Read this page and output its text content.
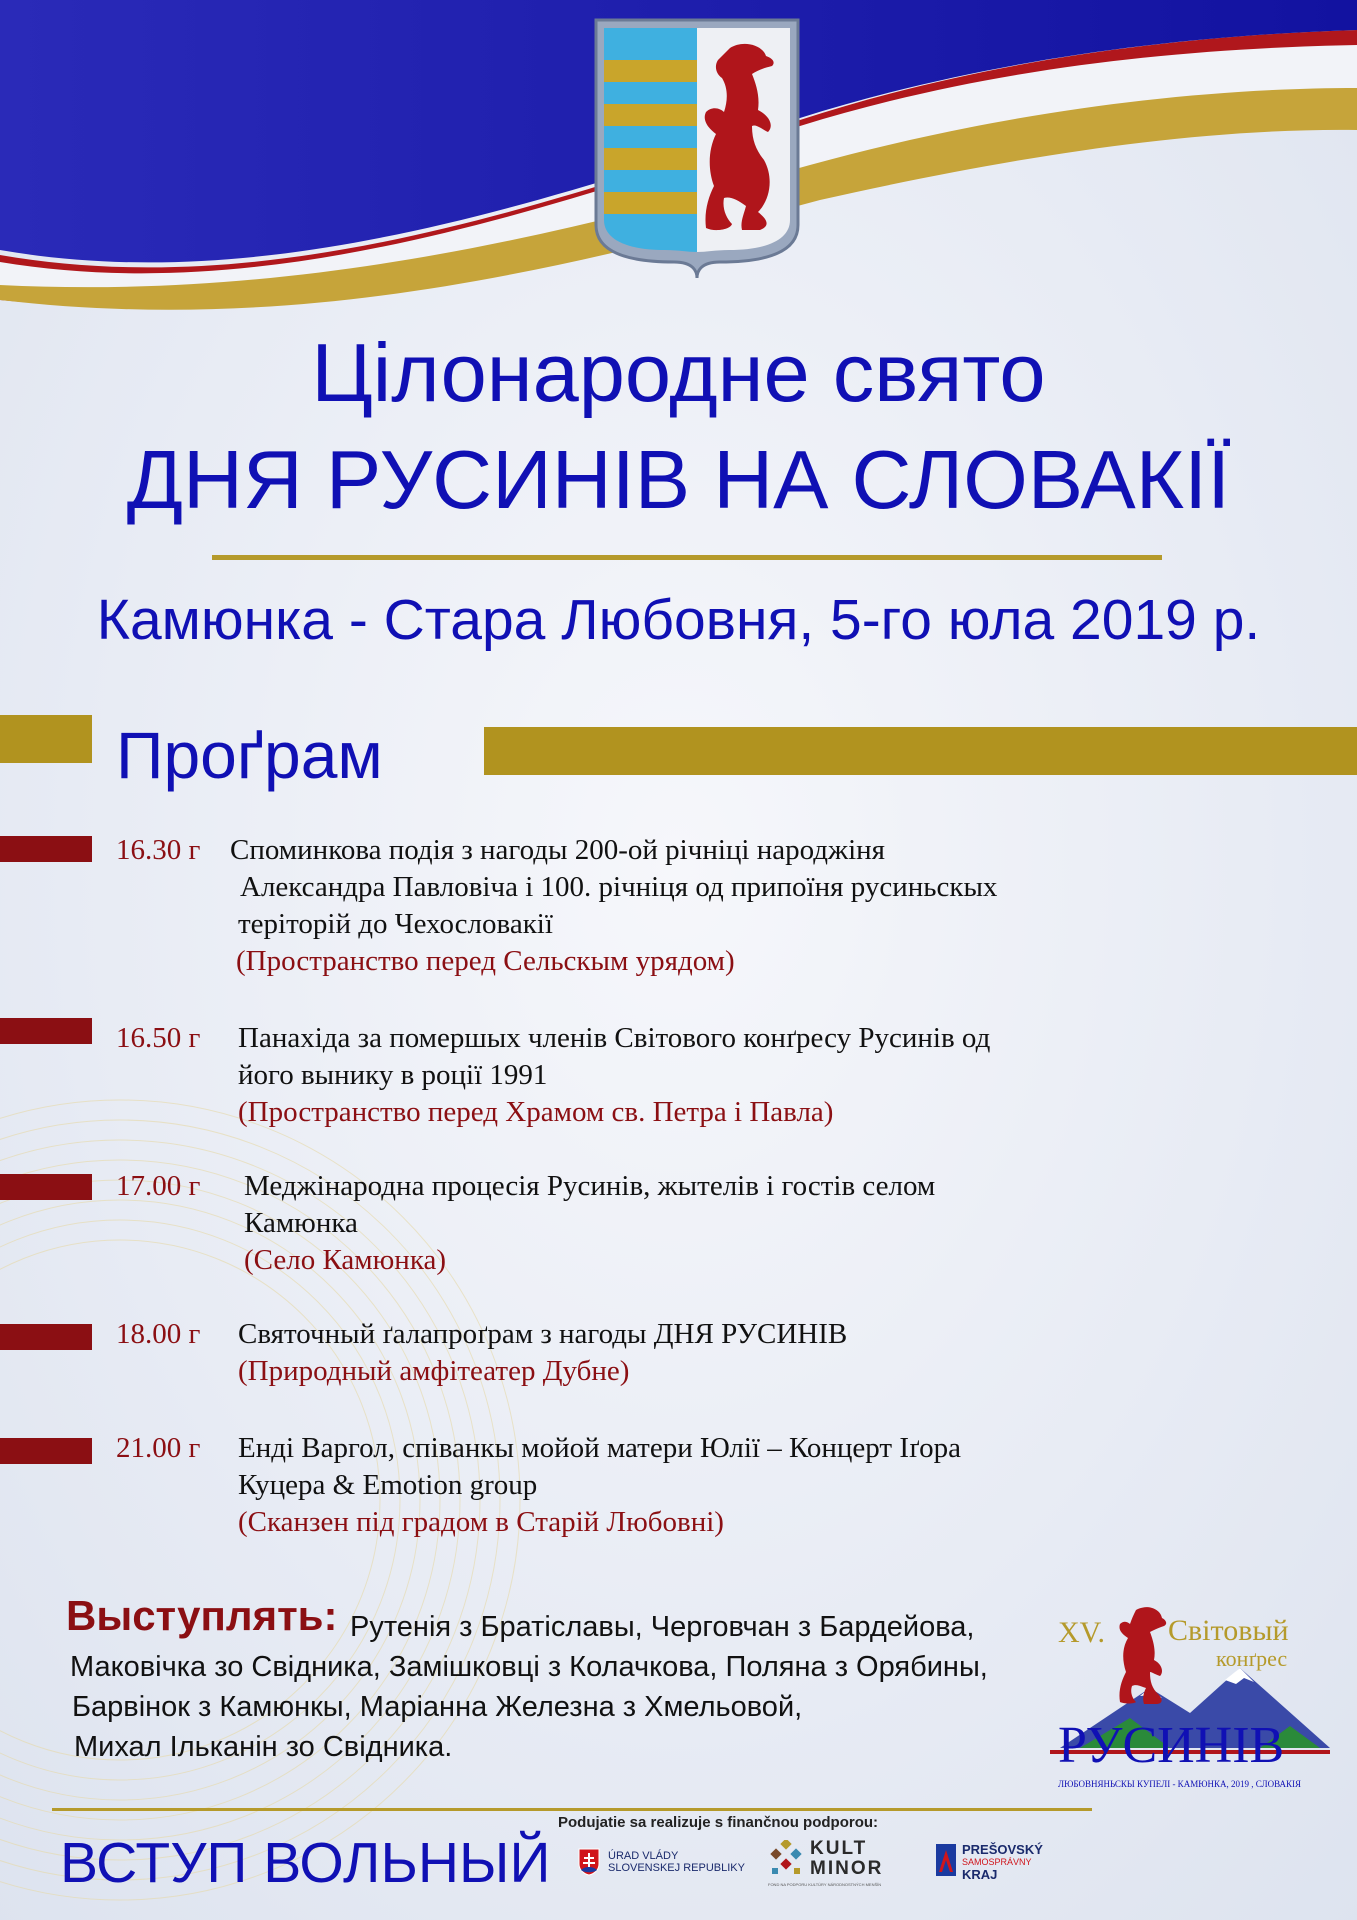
Цілонародне свято
ДНЯ РУСИНІВ НА СЛОВАКІЇ
Камюнка - Стара Любовня, 5-го юла 2019 р.
Проґрам
16.30 г Споминкова подія з нагоды 200-ой річніці народжіня
Александра Павловіча і 100. річніця од припоїня русиньскых
теріторій до Чехословакії
(Пространство перед Сельскым урядом)
16.50 г Панахіда за помершых членів Світового конґресу Русинів од
його вынику в роції 1991
(Пространство перед Храмом св. Петра і Павла)
17.00 г Меджінародна процесія Русинів, жытелів і гостів селом
Камюнка
(Село Камюнка)
18.00 г Святочный ґалапроґрам з нагоды ДНЯ РУСИНІВ
(Природный амфітеатер Дубне)
21.00 г Енді Варгол, співанкы мойой матери Юлії – Концерт Іґора
Куцера & Emotion group
(Сканзен під градом в Старій Любовні)
Выступлять: Рутенія з Братіславы, Черговчан з Бардейова,
Маковічка зо Свідника, Замішковці з Колачкова, Поляна з Орябины,
Барвінок з Камюнкы, Маріанна Железна з Хмельовой,
Михал Ільканін зо Свідника.
XV. Світовый
конґрес
РУСИНІВ
ЛЮБОВНЯНЬСКЫ КУПЕЛІ - КАМЮНКА, 2019 , СЛОВАКІЯ
ВСТУП ВОЛЬНЫЙ
Podujatie sa realizuje s finančnou podporou:
ÚRAD VLÁDY
SLOVENSKEJ REPUBLIKY
KULT
MINOR
FOND NA PODPORU KULTÚRY NÁRODNOSTNÝCH MENŠÍN
PREŠOVSKÝ
SAMOSPRÁVNY
KRAJ
